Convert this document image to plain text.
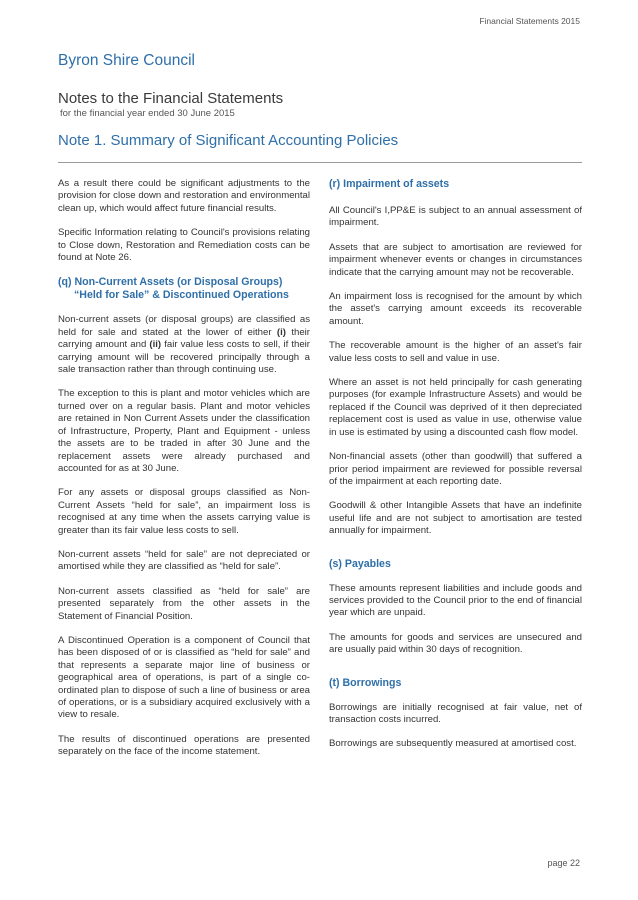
Financial Statements 2015
Byron Shire Council
Notes to the Financial Statements
for the financial year ended 30 June 2015
Note 1. Summary of Significant Accounting Policies

As a result there could be significant adjustments to the provision for close down and restoration and environmental clean up, which would affect future financial results.

Specific Information relating to Council's provisions relating to Close down, Restoration and Remediation costs can be found at Note 26.

(q) Non-Current Assets (or Disposal Groups) “Held for Sale” & Discontinued Operations

Non-current assets (or disposal groups) are classified as held for sale and stated at the lower of either (i) their carrying amount and (ii) fair value less costs to sell, if their carrying amount will be recovered principally through a sale transaction rather than through continuing use.

The exception to this is plant and motor vehicles which are turned over on a regular basis. Plant and motor vehicles are retained in Non Current Assets under the classification of Infrastructure, Property, Plant and Equipment - unless the assets are to be traded in after 30 June and the replacement assets were already purchased and accounted for as at 30 June.

For any assets or disposal groups classified as Non-Current Assets “held for sale”, an impairment loss is recognised at any time when the assets carrying value is greater than its fair value less costs to sell.

Non-current assets “held for sale” are not depreciated or amortised while they are classified as “held for sale”.

Non-current assets classified as “held for sale” are presented separately from the other assets in the Statement of Financial Position.

A Discontinued Operation is a component of Council that has been disposed of or is classified as “held for sale” and that represents a separate major line of business or geographical area of operations, is part of a single co-ordinated plan to dispose of such a line of business or area of operations, or is a subsidiary acquired exclusively with a view to resale.

The results of discontinued operations are presented separately on the face of the income statement.

(r) Impairment of assets

All Council's I,PP&E is subject to an annual assessment of impairment.

Assets that are subject to amortisation are reviewed for impairment whenever events or changes in circumstances indicate that the carrying amount may not be recoverable.

An impairment loss is recognised for the amount by which the asset's carrying amount exceeds its recoverable amount.

The recoverable amount is the higher of an asset's fair value less costs to sell and value in use.

Where an asset is not held principally for cash generating purposes (for example Infrastructure Assets) and would be replaced if the Council was deprived of it then depreciated replacement cost is used as value in use, otherwise value in use is estimated by using a discounted cash flow model.

Non-financial assets (other than goodwill) that suffered a prior period impairment are reviewed for possible reversal of the impairment at each reporting date.

Goodwill & other Intangible Assets that have an indefinite useful life and are not subject to amortisation are tested annually for impairment.

(s) Payables

These amounts represent liabilities and include goods and services provided to the Council prior to the end of financial year which are unpaid.

The amounts for goods and services are unsecured and are usually paid within 30 days of recognition.

(t) Borrowings

Borrowings are initially recognised at fair value, net of transaction costs incurred.

Borrowings are subsequently measured at amortised cost.

page 22
